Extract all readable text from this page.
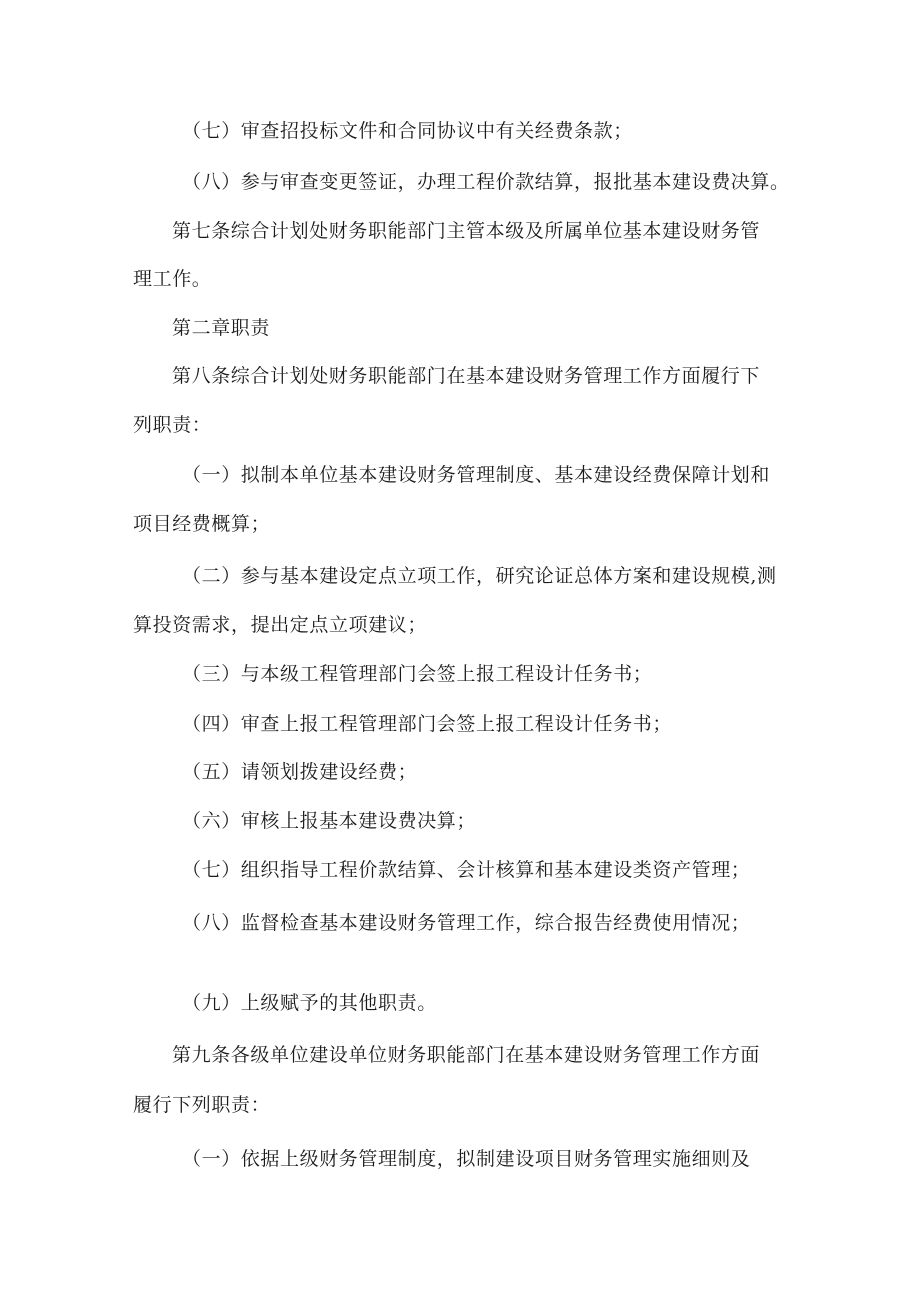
（七）审查招投标文件和合同协议中有关经费条款；
（八）参与审查变更签证，办理工程价款结算，报批基本建设费决算。
第七条综合计划处财务职能部门主管本级及所属单位基本建设财务管
理工作。
第二章职责
第八条综合计划处财务职能部门在基本建设财务管理工作方面履行下
列职责：
（一）拟制本单位基本建设财务管理制度、基本建设经费保障计划和
项目经费概算；
（二）参与基本建设定点立项工作，研究论证总体方案和建设规模,测
算投资需求，提出定点立项建议；
（三）与本级工程管理部门会签上报工程设计任务书；
（四）审查上报工程管理部门会签上报工程设计任务书；
（五）请领划拨建设经费；
（六）审核上报基本建设费决算；
（七）组织指导工程价款结算、会计核算和基本建设类资产管理；
（八）监督检查基本建设财务管理工作，综合报告经费使用情况；
（九）上级赋予的其他职责。
第九条各级单位建设单位财务职能部门在基本建设财务管理工作方面
履行下列职责：
（一）依据上级财务管理制度，拟制建设项目财务管理实施细则及
